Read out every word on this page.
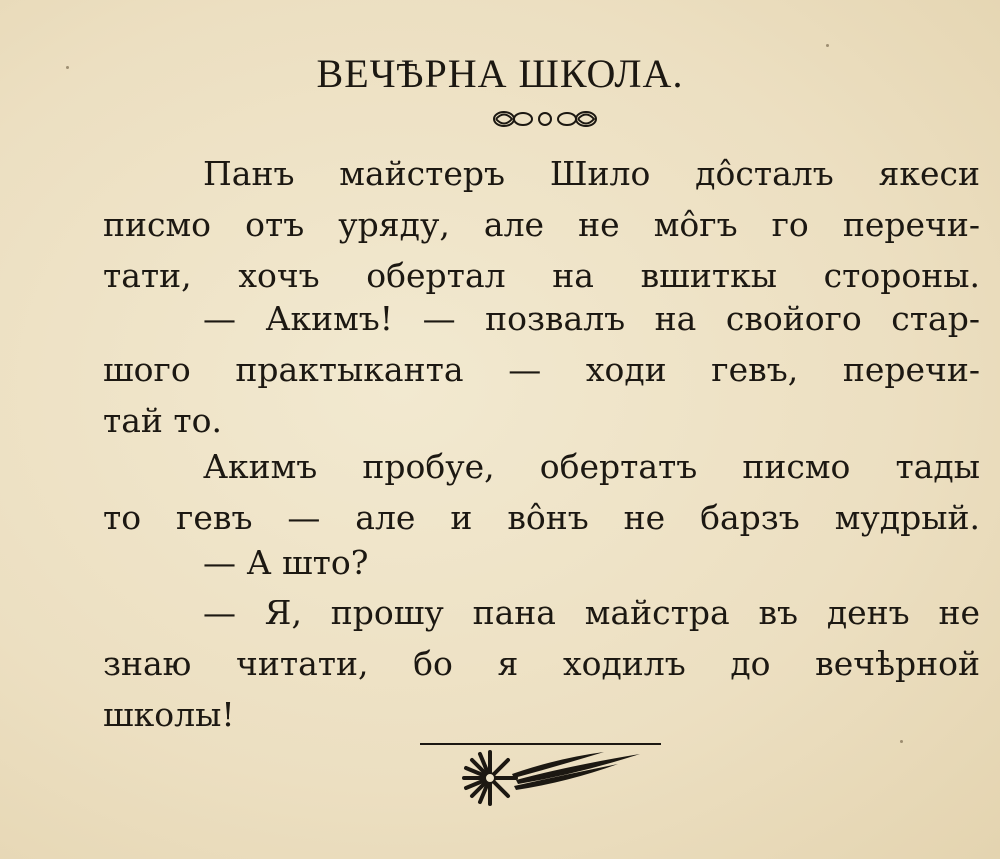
ВЕЧѢРНА ШКОЛА.

Панъ майстеръ Шило дôсталъ якеси
писмо отъ уряду, але не мôгъ го перечи-
тати, хочъ обертал на вшиткы стороны.

— Акимъ! — позвалъ на свойого стар-
шого практыканта — ходи гевъ, перечи-
тай то.

Акимъ пробуе, обертатъ писмо тады
то гевъ — але и вôнъ не барзъ мудрый.

— А што?

— Я, прошу пана майстра въ денъ не
знаю читати, бо я ходилъ до вечѣрной
школы!
